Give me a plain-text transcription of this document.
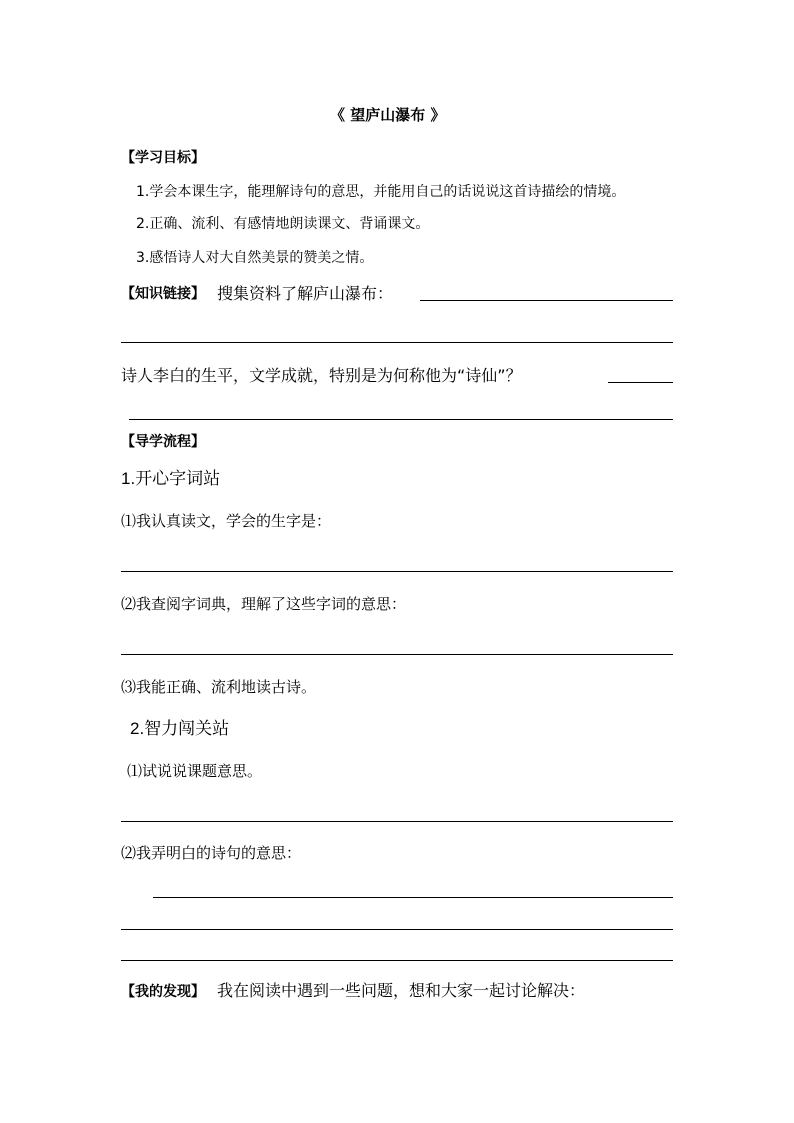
《 望庐山瀑布 》
【学习目标】
1.学会本课生字，能理解诗句的意思，并能用自己的话说说这首诗描绘的情境。
2.正确、流利、有感情地朗读课文、背诵课文。
3.感悟诗人对大自然美景的赞美之情。
【知识链接】 搜集资料了解庐山瀑布：
诗人李白的生平，文学成就，特别是为何称他为“诗仙”？
【导学流程】
1.开心字词站
⑴我认真读文，学会的生字是：
⑵我查阅字词典，理解了这些字词的意思：
⑶我能正确、流利地读古诗。
2.智力闯关站
⑴试说说课题意思。
⑵我弄明白的诗句的意思：
【我的发现】 我在阅读中遇到一些问题，想和大家一起讨论解决：
